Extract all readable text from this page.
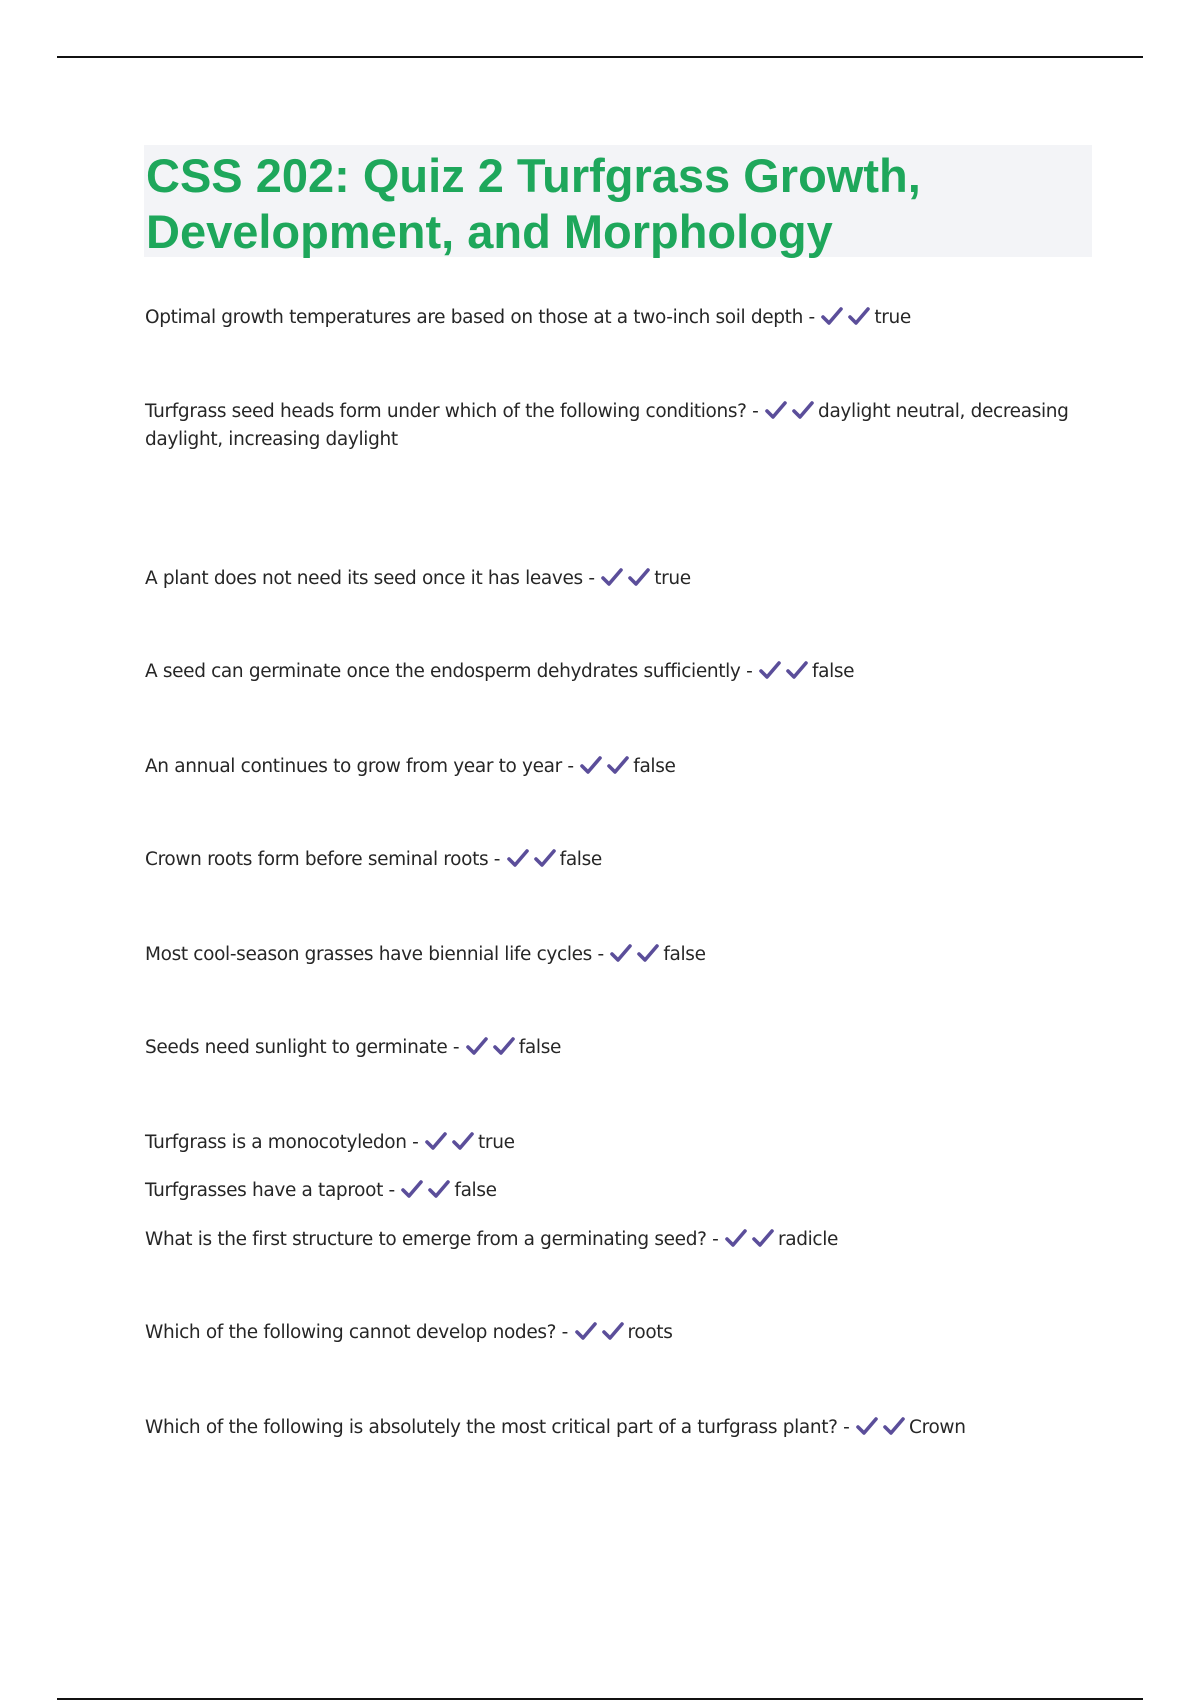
CSS 202: Quiz 2 Turfgrass Growth,
Development, and Morphology
Optimal growth temperatures are based on those at a two-inch soil depth -	true
Turfgrass seed heads form under which of the following conditions? -	daylight neutral, decreasing daylight, increasing daylight
A plant does not need its seed once it has leaves -	true
A seed can germinate once the endosperm dehydrates sufficiently -	false
An annual continues to grow from year to year -	false
Crown roots form before seminal roots -	false
Most cool-season grasses have biennial life cycles -	false
Seeds need sunlight to germinate -	false
Turfgrass is a monocotyledon -	true
Turfgrasses have a taproot -	false
What is the first structure to emerge from a germinating seed? -	radicle
Which of the following cannot develop nodes? -	roots
Which of the following is absolutely the most critical part of a turfgrass plant? -	Crown
